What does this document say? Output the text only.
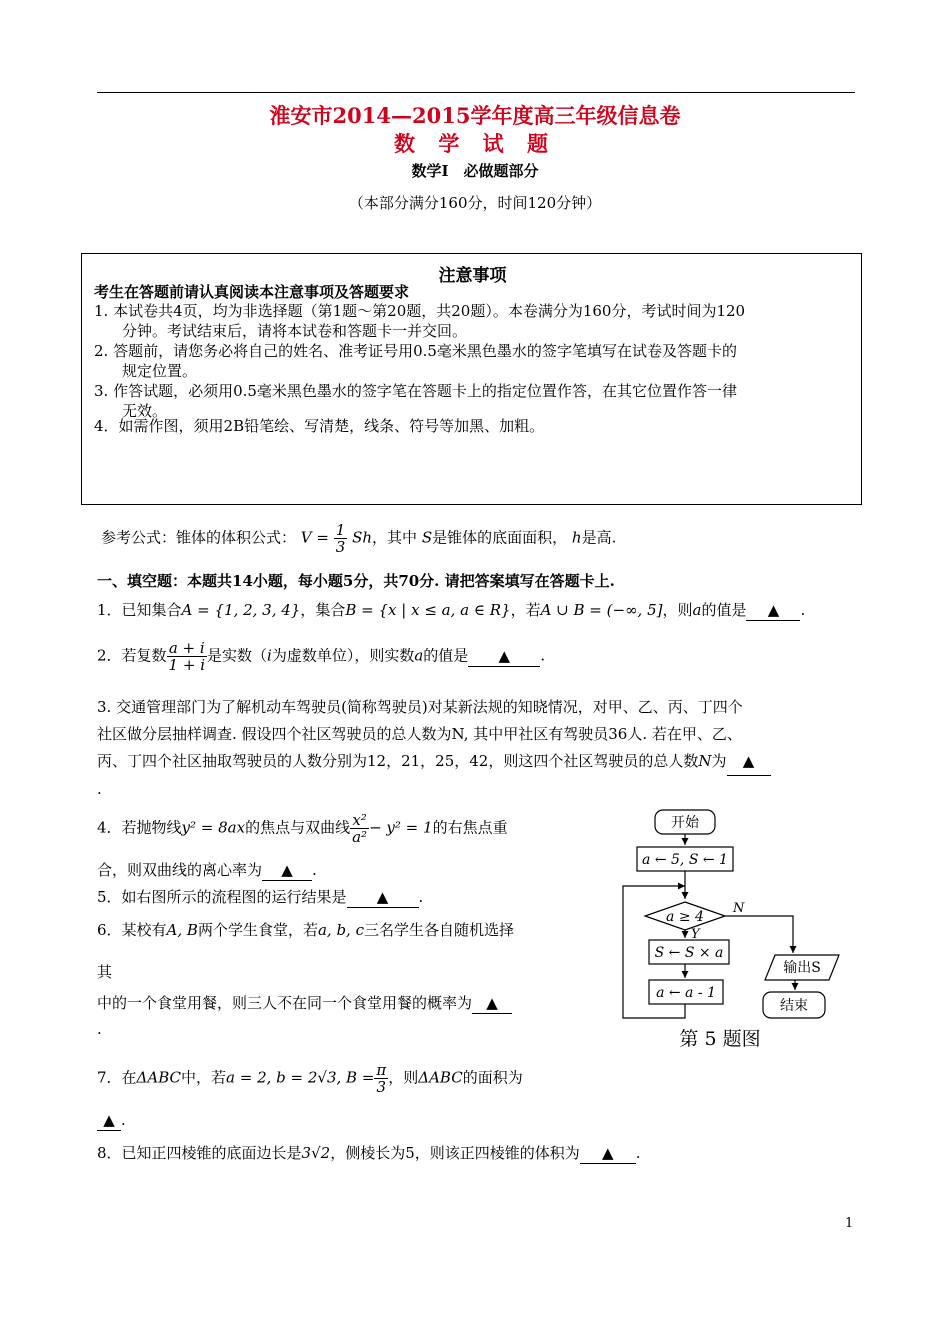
淮安市2014—2015学年度高三年级信息卷
数 学 试 题
数学Ⅰ　必做题部分
（本部分满分160分，时间120分钟）
注意事项
考生在答题前请认真阅读本注意事项及答题要求
1. 本试卷共4页，均为非选择题（第1题～第20题，共20题）。本卷满分为160分，考试时间为120
分钟。考试结束后，请将本试卷和答题卡一并交回。
2. 答题前，请您务必将自己的姓名、准考证号用0.5毫米黑色墨水的签字笔填写在试卷及答题卡的
规定位置。
3. 作答试题，必须用0.5毫米黑色墨水的签字笔在答题卡上的指定位置作答，在其它位置作答一律
无效。
4．如需作图，须用2B铅笔绘、写清楚，线条、符号等加黑、加粗。
参考公式：锥体的体积公式： $V = \frac{1}{3}$ Sh，其中 S是锥体的底面面积， h是高.
一、填空题：本题共14小题，每小题5分，共70分. 请把答案填写在答题卡上.
1．已知集合A = {1, 2, 3, 4}，集合B = {x | x ≤ a, a ∈ R}，若A ∪ B = (−∞, 5]，则a的值是 ▲ .
2．若复数 $\frac{a + i}{1 + i}$ 是实数（i为虚数单位），则实数a的值是 ▲ .
3. 交通管理部门为了解机动车驾驶员(简称驾驶员)对某新法规的知晓情况，对甲、乙、丙、丁四个
社区做分层抽样调查. 假设四个社区驾驶员的总人数为N, 其中甲社区有驾驶员36人. 若在甲、乙、
丙、丁四个社区抽取驾驶员的人数分别为12，21，25，42，则这四个社区驾驶员的总人数N为 ▲
.
4．若抛物线y² = 8ax的焦点与双曲线 $\frac{\text{x²}}{\text{a²}} - y^2 = 1$的右焦点重
合，则双曲线的离心率为 ▲ .
5．如右图所示的流程图的运行结果是 ▲ .
6．某校有A, B两个学生食堂，若a, b, c三名学生各自随机选择
其
中的一个食堂用餐，则三人不在同一个食堂用餐的概率为 ▲
.
7．在ΔABC中，若a = 2, b = 2√3, $B = \frac{\pi}{3}$ ，则ΔABC的面积为
▲ .
8．已知正四棱锥的底面边长是3√2，侧棱长为5，则该正四棱锥的体积为 ▲ .
开始
a ← 5, S ← 1
a ≥ 4
Y
N
S ← S × a
a ← a - 1
输出S
结束
第 5 题图
1
